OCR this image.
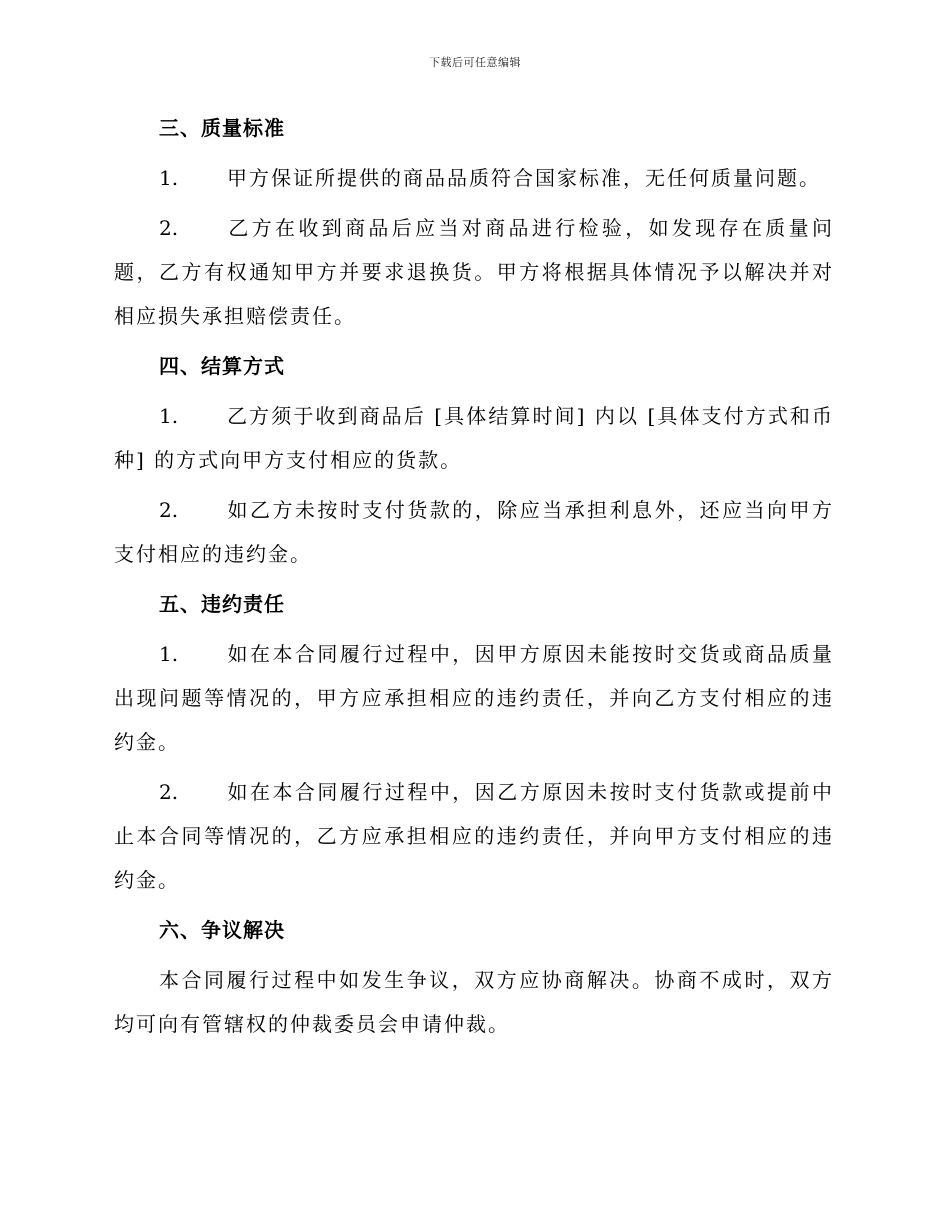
下载后可任意编辑
三、质量标准

1. 甲方保证所提供的商品品质符合国家标准，无任何质量问题。

2. 乙方在收到商品后应当对商品进行检验，如发现存在质量问题，乙方有权通知甲方并要求退换货。甲方将根据具体情况予以解决并对相应损失承担赔偿责任。

四、结算方式

1. 乙方须于收到商品后 [具体结算时间] 内以 [具体支付方式和币种] 的方式向甲方支付相应的货款。

2. 如乙方未按时支付货款的，除应当承担利息外，还应当向甲方支付相应的违约金。

五、违约责任

1. 如在本合同履行过程中，因甲方原因未能按时交货或商品质量出现问题等情况的，甲方应承担相应的违约责任，并向乙方支付相应的违约金。

2. 如在本合同履行过程中，因乙方原因未按时支付货款或提前中止本合同等情况的，乙方应承担相应的违约责任，并向甲方支付相应的违约金。

六、争议解决

本合同履行过程中如发生争议，双方应协商解决。协商不成时，双方均可向有管辖权的仲裁委员会申请仲裁。
